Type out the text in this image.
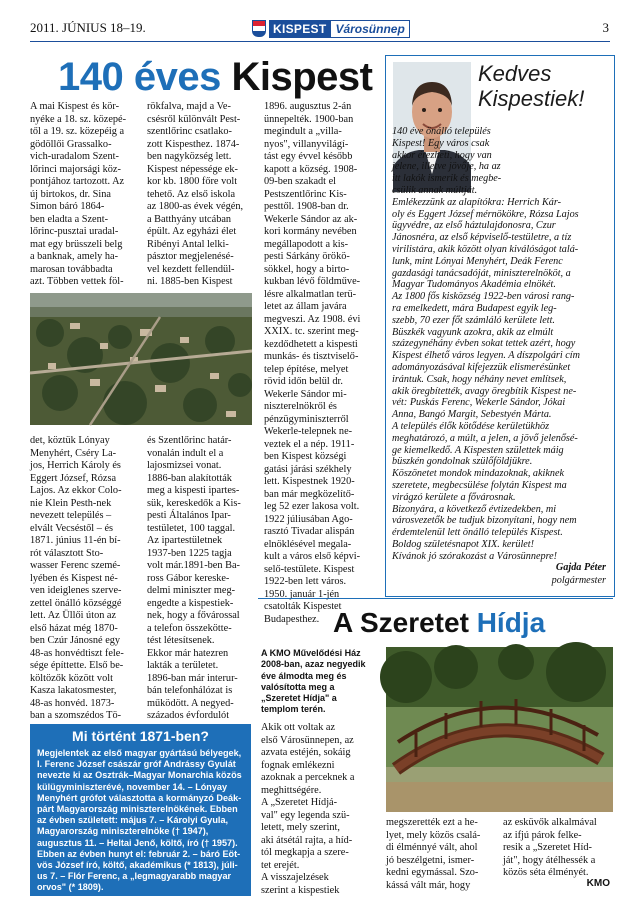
2011. JÚNIUS 18–19.	KISPEST Városünnep	3
140 éves Kispest
A mai Kispest és kör-
nyéke a 18. sz. közepé-
től a 19. sz. közepéig a
gödöllői Grassalko-
vich-uradalom Szent-
lőrinci majorsági köz-
pontjához tartozott. Az
új birtokos, dr. Sina
Simon báró 1864-
ben eladta a Szent-
lőrinc-pusztai uradal-
mat egy brüsszeli belg
a banknak, amely ha-
marosan továbbadta
azt. Többen vettek föl-
rökfalva, majd a Ve-
csésről különvált Pest-
szentlőrinc csatlako-
zott Kispesthez. 1874-
ben nagyközség lett.
Kispest népessége ek-
kor kb. 1800 főre volt
tehető. Az első iskola
az 1800-as évek végén,
a Batthyány utcában
épült. Az egyházi élet
Ribényi Antal lelki-
pásztor megjelenésé-
vel kezdett fellendül-
ni. 1885-ben Kispest
det, köztük Lónyay
Menyhért, Cséry La-
jos, Herrich Károly és
Eggert József, Rózsa
Lajos. Az ekkor Colo-
nie Klein Pesth-nek
nevezett település –
elvált Vecséstől – és
1871. június 11-én bí-
rót választott Sto-
wasser Ferenc szemé-
lyében és Kispest né-
ven ideiglenes szerve-
zettel önálló községgé
lett. Az Üllői úton az
első házat még 1870-
ben Czúr Jánosné egy
48-as honvédtiszt fele-
sége építtette. Első be-
költözők között volt
Kasza lakatosmester,
48-as honvéd. 1873-
ban a szomszédos Tö-
és Szentlőrinc határ-
vonalán indult el a
lajosmizsei vonat.
1886-ban alakították
meg a kispesti ipartes-
sük, kereskedők a Kis-
pesti Általános Ipar-
testületet, 100 taggal.
Az ipartestületnek
1937-ben 1225 tagja
volt már.1891-ben Ba-
ross Gábor kereske-
delmi miniszter meg-
engedte a kispestiek-
nek, hogy a fővárossal
a telefon összekötte-
tést létesítsenek.
Ekkor már hatezren
lakták a területet.
1896-ban már interur-
bán telefonhálózat is
működött. A negyed-
százados évfordulót
1896. augusztus 2-án
ünnepelték. 1900-ban
megindult a „villa-
nyos", villanyvilágí-
tást egy évvel később
kapott a község. 1908-
09-ben szakadt el
Pestszentlőrinc Kis-
pesttől. 1908-ban dr.
Wekerle Sándor az ak-
kori kormány nevében
megállapodott a kis-
pesti Sárkány örökö-
sökkel, hogy a birto-
kukban lévő földműve-
lésre alkalmatlan terü-
letet az állam javára
megveszi. Az 1908. évi
XXIX. tc. szerint meg-
kezdődhetett a kispesti
munkás- és tisztviselő-
telep építése, melyet
rövid időn belül dr.
Wekerle Sándor mi-
niszterelnökről és
pénzügyminiszterről
Wekerle-telepnek ne-
veztek el a nép. 1911-
ben Kispest községi
gatási járási székhely
lett. Kispestnek 1920-
ban már megközelítő-
leg 52 ezer lakosa volt.
1922 júliusában Ago-
rasztó Tivadar alispán
elnöklésével megala-
kult a város első képvi-
selő-testülete. Kispest
1922-ben lett város.
1950. január 1-jén
csatolták Kispestet
Budapesthez.
Kedves
Kispestiek!
140 éve önálló település
Kispest! Egy város csak
akkor érezheti, hogy van
jelene, illetve jövője, ha az
itt lakók ismerik és megbe-
csülik annak múltját.
Emlékezzünk az alapítókra: Herrich Kár-
oly és Eggert József mérnökökre, Rózsa Lajos
ügyvédre, az első háztulajdonosra, Czur
Jánosnéra, az első képviselő-testületre, a tíz
virilistára, akik között olyan kiválóságot talá-
lunk, mint Lónyai Menyhért, Deák Ferenc
gazdasági tanácsadóját, miniszterelnököt, a
Magyar Tudományos Akadémia elnökét.
Az 1800 fős kisközség 1922-ben városi rang-
ra emelkedett, mára Budapest egyik leg-
szebb, 70 ezer főt számláló kerülete lett.
Büszkék vagyunk azokra, akik az elmúlt
százegynéhány évben sokat tettek azért, hogy
Kispest élhető város legyen. A díszpolgári cím
adományozásával kifejezzük elismerésünket
irántuk. Csak, hogy néhány nevet említsek,
akik öregbítették, avagy öregbítik Kispest ne-
vét: Puskás Ferenc, Wekerle Sándor, Jókai
Anna, Bangó Margit, Sebestyén Márta.
A település élők kötődése kerületükhöz
meghatározó, a múlt, a jelen, a jövő jelenősé-
ge kiemelkedő. A Kispesten születtek máig
büszkén gondolnak szülőföldjükre.
Köszönetet mondok mindazoknak, akiknek
szeretete, megbecsülése folytán Kispest ma
virágzó kerülete a fővárosnak.
Bizonyára, a következő évtizedekben, mi
városvezetők be tudjuk bizonyítani, hogy nem
érdemtelenül lett önálló település Kispest.
Boldog születésnapot XIX. kerület!
Kívánok jó szórakozást a Városünnepre!
Gajda Péter
polgármester
Mi történt 1871-ben?
Megjelentek az első magyar gyártású bélyegek,
I. Ferenc József császár gróf Andrássy Gyulát
nevezte ki az Osztrák–Magyar Monarchia közös
külügyminiszterévé, november 14. – Lónyay
Menyhért grófot választotta a kormányzó Deák-
párt Magyarország miniszterelnökének. Ebben
az évben született: május 7. – Károlyi Gyula,
Magyarország miniszterelnöke († 1947),
augusztus 11. – Heltai Jenő, költő, író († 1957).
Ebben az évben hunyt el: február 2. – báró Eöt-
vös József író, költő, akadémikus (* 1813), júli-
us 7. – Flór Ferenc, a „legmagyarabb magyar
orvos" (* 1809).
A Szeretet Hídja
A KMO Művelődési Ház
2008-ban, azaz negyedik
éve álmodta meg és
valósította meg a
„Szeretet Hídja" a
templom terén.
Akik ott voltak az
első Városünnepen, az
azvata estéjén, sokáig
fognak emlékezni
azoknak a perceknek a
meghittségére.
A „Szeretet Hídjá-
val" egy legenda szü-
letett, mely szerint,
aki átsétál rajta, a híd-
tól megkapja a szere-
tet erejét.
A visszajelzések
szerint a kispestiek
megszerették ezt a he-
lyet, mely közös csalá-
di élménnyé vált, ahol
jó beszélgetni, ismer-
kedni egymással. Szo-
kássá vált már, hogy
az esküvők alkalmával
az ifjú párok felke-
resik a „Szeretet Híd-
ját", hogy átélhessék a
közös séta élményét.
KMO
